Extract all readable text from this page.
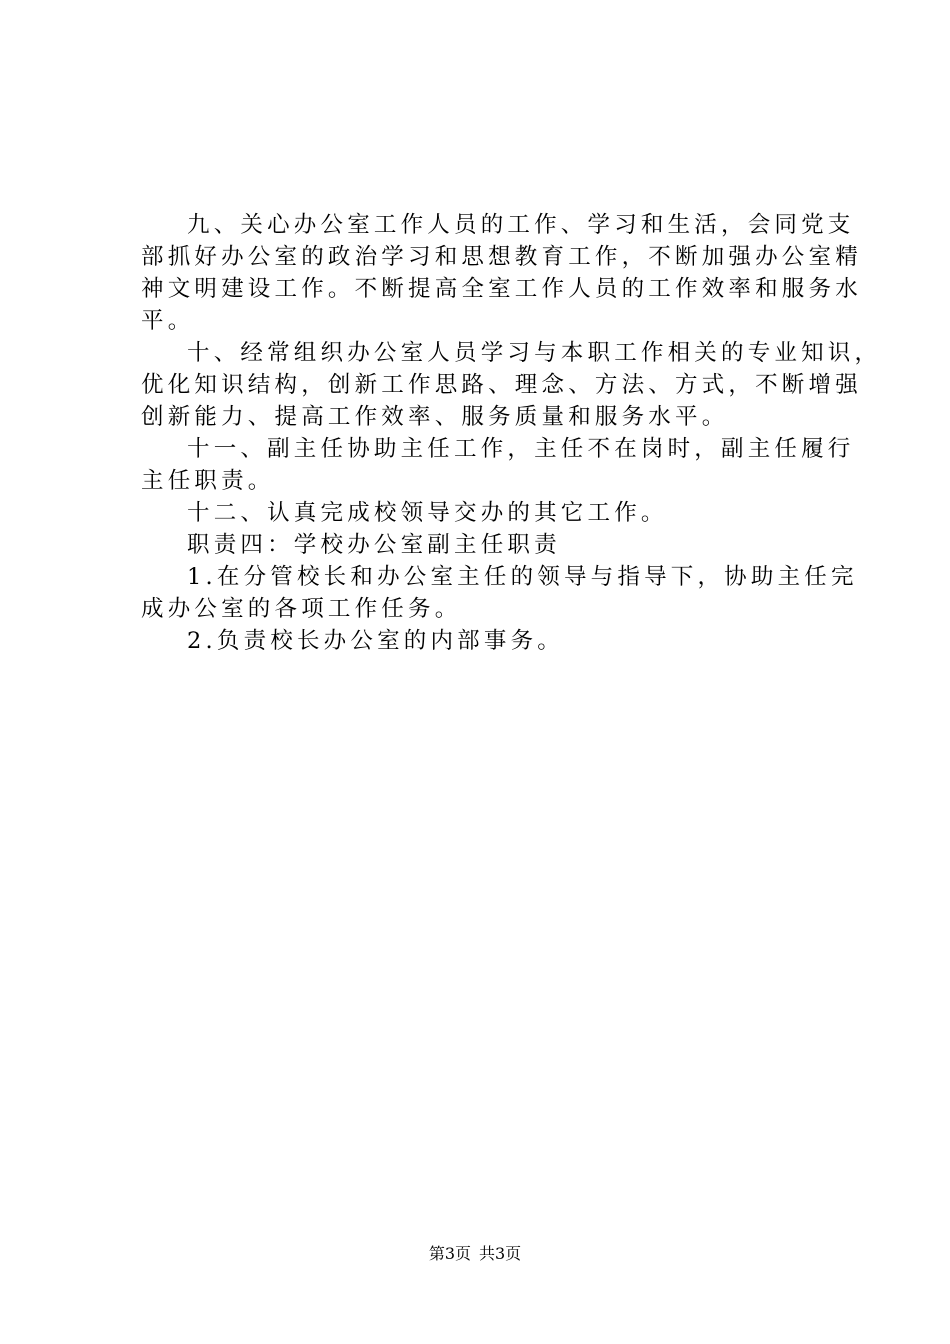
九、关心办公室工作人员的工作、学习和生活，会同党支
部抓好办公室的政治学习和思想教育工作，不断加强办公室精
神文明建设工作。不断提高全室工作人员的工作效率和服务水
平。
十、经常组织办公室人员学习与本职工作相关的专业知识，
优化知识结构，创新工作思路、理念、方法、方式，不断增强
创新能力、提高工作效率、服务质量和服务水平。
十一、副主任协助主任工作，主任不在岗时，副主任履行
主任职责。
十二、认真完成校领导交办的其它工作。
职责四：学校办公室副主任职责
1.在分管校长和办公室主任的领导与指导下，协助主任完
成办公室的各项工作任务。
2.负责校长办公室的内部事务。
第3页 共3页
